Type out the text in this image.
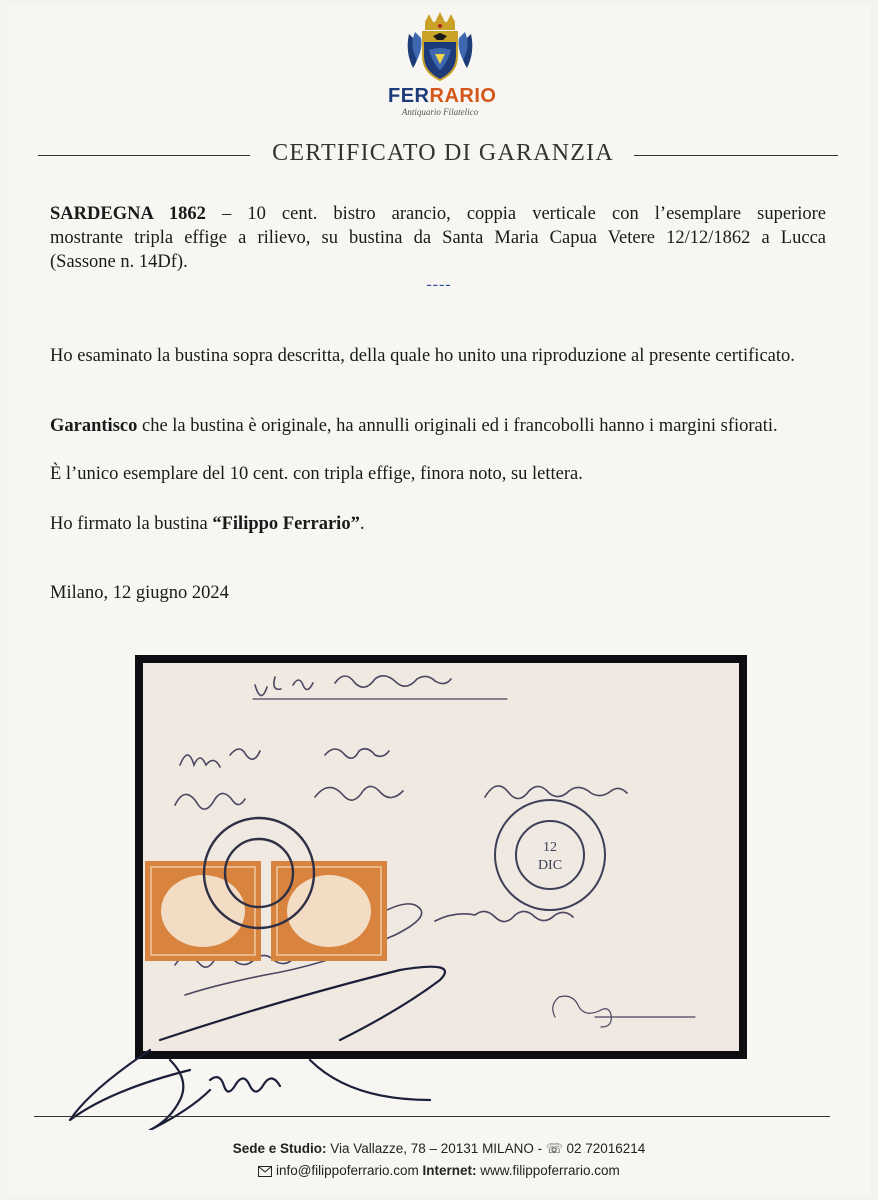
FERRARIO
Antiquario Filatelico
CERTIFICATO DI GARANZIA
SARDEGNA 1862 – 10 cent. bistro arancio, coppia verticale con l’esemplare superiore
mostrante tripla effige a rilievo, su bustina da Santa Maria Capua Vetere 12/12/1862 a Lucca
(Sassone n. 14Df).
----
Ho esaminato la bustina sopra descritta, della quale ho unito una riproduzione al presente certificato.
Garantisco che la bustina è originale, ha annulli originali ed i francobolli hanno i margini sfiorati.
È l’unico esemplare del 10 cent. con tripla effige, finora noto, su lettera.
Ho firmato la bustina “Filippo Ferrario”.
Milano, 12 giugno 2024
12
DIC
Sede e Studio: Via Vallazze, 78 – 20131 MILANO - ☏ 02 72016214
info@filippoferrario.com Internet: www.filippoferrario.com
